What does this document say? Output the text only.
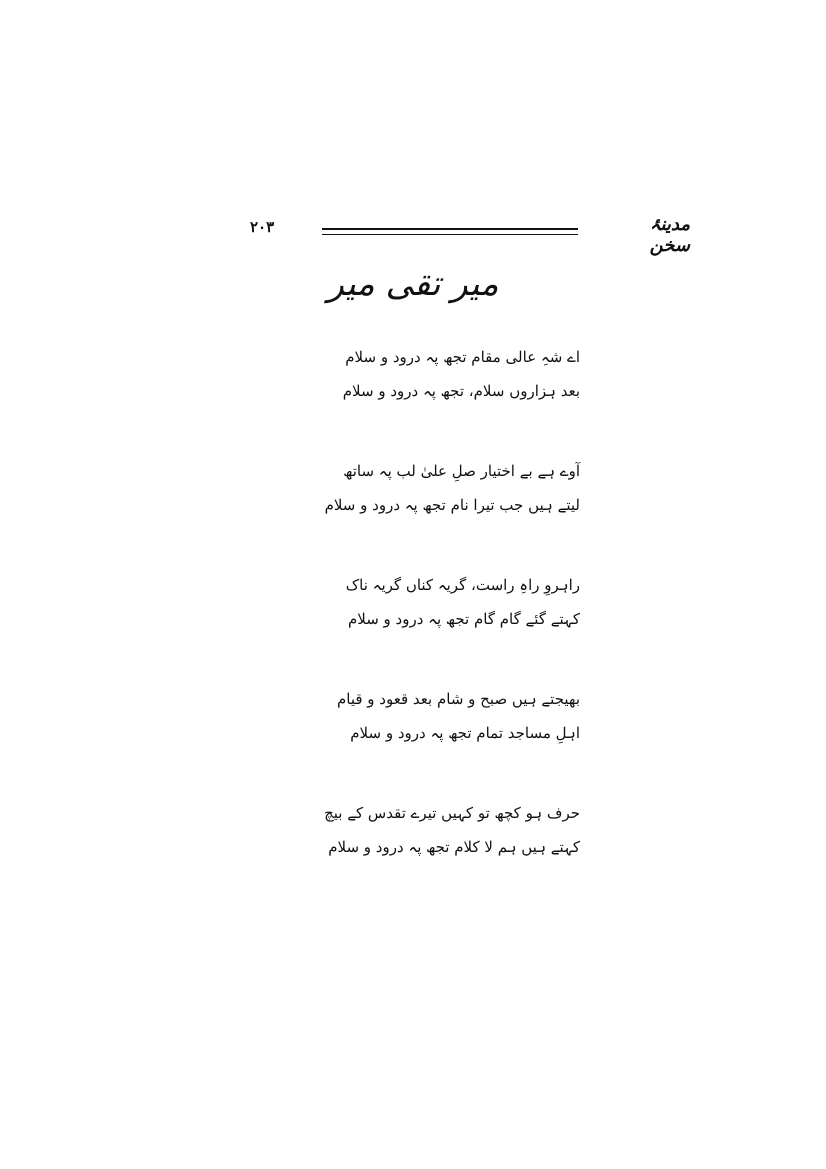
۲۰۳	مدینۂ سخن
میر تقی میر
اے شہِ عالی مقام تجھ پہ درود و سلام
بعد ہزاروں سلام، تجھ پہ درود و سلام
آوے ہے بے اختیار صلِ علیٰ لب پہ ساتھ
لیتے ہیں جب تیرا نام تجھ پہ درود و سلام
راہروِ راہِ راست، گریہ کناں گریہ ناک
کہتے گئے گام گام تجھ پہ درود و سلام
بھیجتے ہیں صبح و شام بعد قعود و قیام
اہلِ مساجد تمام تجھ پہ درود و سلام
حرف ہو کچھ تو کہیں تیرے تقدس کے بیچ
کہتے ہیں ہم لا کلام تجھ پہ درود و سلام
